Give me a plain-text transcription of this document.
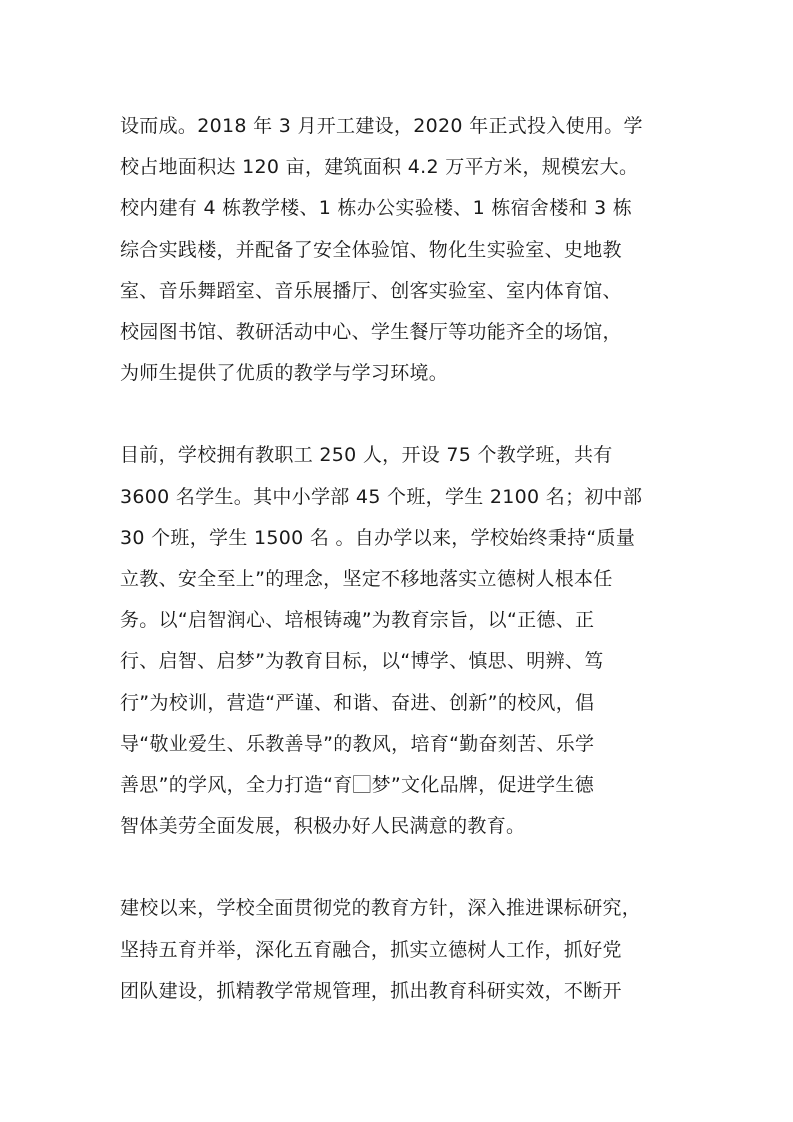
设而成。2018 年 3 月开工建设，2020 年正式投入使用。学
校占地面积达 120 亩，建筑面积 4.2 万平方米，规模宏大。
校内建有 4 栋教学楼、1 栋办公实验楼、1 栋宿舍楼和 3 栋
综合实践楼，并配备了安全体验馆、物化生实验室、史地教
室、音乐舞蹈室、音乐展播厅、创客实验室、室内体育馆、
校园图书馆、教研活动中心、学生餐厅等功能齐全的场馆，
为师生提供了优质的教学与学习环境。
目前，学校拥有教职工 250 人，开设 75 个教学班，共有
3600 名学生。其中小学部 45 个班，学生 2100 名；初中部
30 个班，学生 1500 名 。自办学以来，学校始终秉持“质量
立教、安全至上”的理念，坚定不移地落实立德树人根本任
务。以“启智润心、培根铸魂”为教育宗旨，以“正德、正
行、启智、启梦”为教育目标，以“博学、慎思、明辨、笃
行”为校训，营造“严谨、和谐、奋进、创新”的校风，倡
导“敬业爱生、乐教善导”的教风，培育“勤奋刻苦、乐学
善思”的学风，全力打造“育⃞梦”文化品牌，促进学生德
智体美劳全面发展，积极办好人民满意的教育。
建校以来，学校全面贯彻党的教育方针，深入推进课标研究，
坚持五育并举，深化五育融合，抓实立德树人工作，抓好党
团队建设，抓精教学常规管理，抓出教育科研实效，不断开
